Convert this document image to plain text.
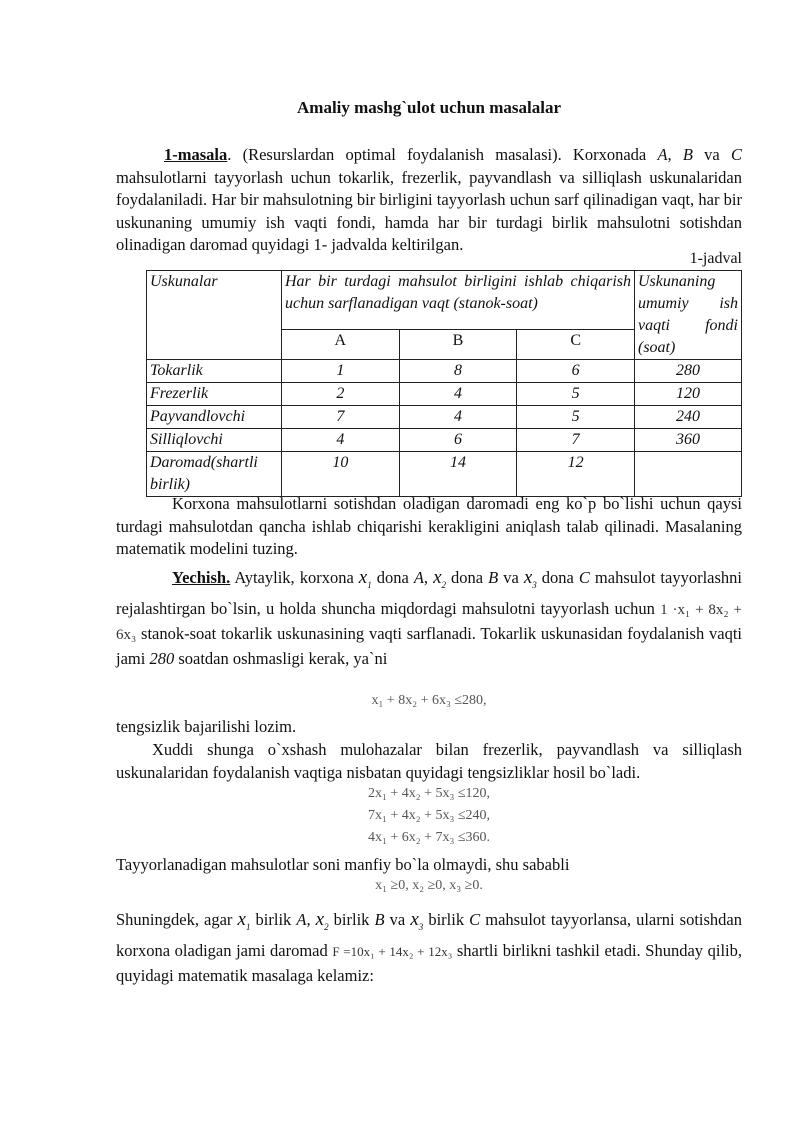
Amaliy mashg`ulot uchun masalalar
1-masala. (Resurslardan optimal foydalanish masalasi). Korxonada A, B va C mahsulotlarni tayyorlash uchun tokarlik, frezerlik, payvandlash va silliqlash uskunalaridan foydalaniladi. Har bir mahsulotning bir birligini tayyorlash uchun sarf qilinadigan vaqt, har bir uskunaning umumiy ish vaqti fondi, hamda har bir turdagi birlik mahsulotni sotishdan olinadigan daromad quyidagi 1- jadvalda keltirilgan.
1-jadval
Uskunalar	Har bir turdagi mahsulot birligini ishlab chiqarish uchun sarflanadigan vaqt (stanok-soat)			Uskunaning umumiy ish vaqti fondi (soat)
	A	B	C	
Tokarlik	1	8	6	280
Frezerlik	2	4	5	120
Payvandlovchi	7	4	5	240
Silliqlovchi	4	6	7	360
Daromad(shartli birlik)	10	14	12	
Korxona mahsulotlarni sotishdan oladigan daromadi eng ko`p bo`lishi uchun qaysi turdagi mahsulotdan qancha ishlab chiqarishi kerakligini aniqlash talab qilinadi. Masalaning matematik modelini tuzing.
Yechish. Aytaylik, korxona $x_1$ dona A, $x_2$ dona B va $x_3$ dona C mahsulot tayyorlashni rejalashtirgan bo`lsin, u holda shuncha miqdordagi mahsulotni tayyorlash uchun 1 ·x₁ + 8x₂ + 6x₃ stanok-soat tokarlik uskunasining vaqti sarflanadi. Tokarlik uskunasidan foydalanish vaqti jami 280 soatdan oshmasligi kerak, ya`ni
x₁ + 8x₂ + 6x₃ ≤280,
tengsizlik bajarilishi lozim.
Xuddi shunga o`xshash mulohazalar bilan frezerlik, payvandlash va silliqlash uskunalaridan foydalanish vaqtiga nisbatan quyidagi tengsizliklar hosil bo`ladi.
2x₁ + 4x₂ + 5x₃ ≤120,
7x₁ + 4x₂ + 5x₃ ≤240,
4x₁ + 6x₂ + 7x₃ ≤360.
Tayyorlanadigan mahsulotlar soni manfiy bo`la olmaydi, shu sababli
x₁ ≥0, x₂ ≥0, x₃ ≥0.
Shuningdek, agar $x_1$ birlik A, $x_2$ birlik B va $x_3$ birlik C mahsulot tayyorlansa, ularni sotishdan korxona oladigan jami daromad F =10x₁ + 14x₂ + 12x₃ shartli birlikni tashkil etadi. Shunday qilib, quyidagi matematik masalaga kelamiz:
